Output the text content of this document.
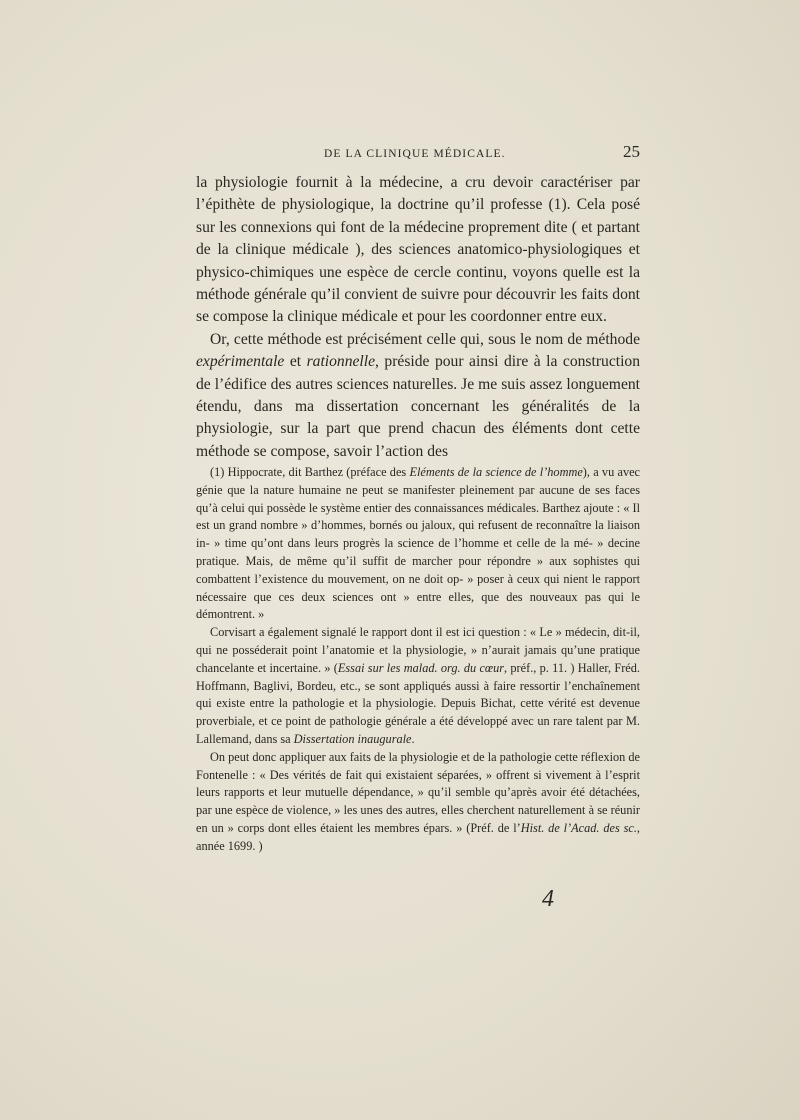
DE LA CLINIQUE MÉDICALE.	25

la physiologie fournit à la médecine, a cru devoir caractériser par l’épithète de physiologique, la doctrine qu’il professe (1). Cela posé sur les connexions qui font de la médecine proprement dite ( et partant de la clinique médicale ), des sciences anatomico-physiologiques et physico-chimiques une espèce de cercle continu, voyons quelle est la méthode générale qu’il convient de suivre pour découvrir les faits dont se compose la clinique médicale et pour les coordonner entre eux.

Or, cette méthode est précisément celle qui, sous le nom de méthode expérimentale et rationnelle, préside pour ainsi dire à la construction de l’édifice des autres sciences naturelles. Je me suis assez longuement étendu, dans ma dissertation concernant les généralités de la physiologie, sur la part que prend chacun des éléments dont cette méthode se compose, savoir l’action des

(1) Hippocrate, dit Barthez (préface des Eléments de la science de l’homme), a vu avec génie que la nature humaine ne peut se manifester pleinement par aucune de ses faces qu’à celui qui possède le système entier des connaissances médicales. Barthez ajoute : « Il est un grand nombre » d’hommes, bornés ou jaloux, qui refusent de reconnaître la liaison in- » time qu’ont dans leurs progrès la science de l’homme et celle de la mé- » decine pratique. Mais, de même qu’il suffit de marcher pour répondre » aux sophistes qui combattent l’existence du mouvement, on ne doit op- » poser à ceux qui nient le rapport nécessaire que ces deux sciences ont » entre elles, que des nouveaux pas qui le démontrent. »

Corvisart a également signalé le rapport dont il est ici question : « Le » médecin, dit-il, qui ne posséderait point l’anatomie et la physiologie, » n’aurait jamais qu’une pratique chancelante et incertaine. » (Essai sur les malad. org. du cœur, préf., p. 11. ) Haller, Fréd. Hoffmann, Baglivi, Bordeu, etc., se sont appliqués aussi à faire ressortir l’enchaînement qui existe entre la pathologie et la physiologie. Depuis Bichat, cette vérité est devenue proverbiale, et ce point de pathologie générale a été développé avec un rare talent par M. Lallemand, dans sa Dissertation inaugurale.

On peut donc appliquer aux faits de la physiologie et de la pathologie cette réflexion de Fontenelle : « Des vérités de fait qui existaient séparées, » offrent si vivement à l’esprit leurs rapports et leur mutuelle dépendance, » qu’il semble qu’après avoir été détachées, par une espèce de violence, » les unes des autres, elles cherchent naturellement à se réunir en un » corps dont elles étaient les membres épars. » (Préf. de l’Hist. de l’Acad. des sc., année 1699. )

4
